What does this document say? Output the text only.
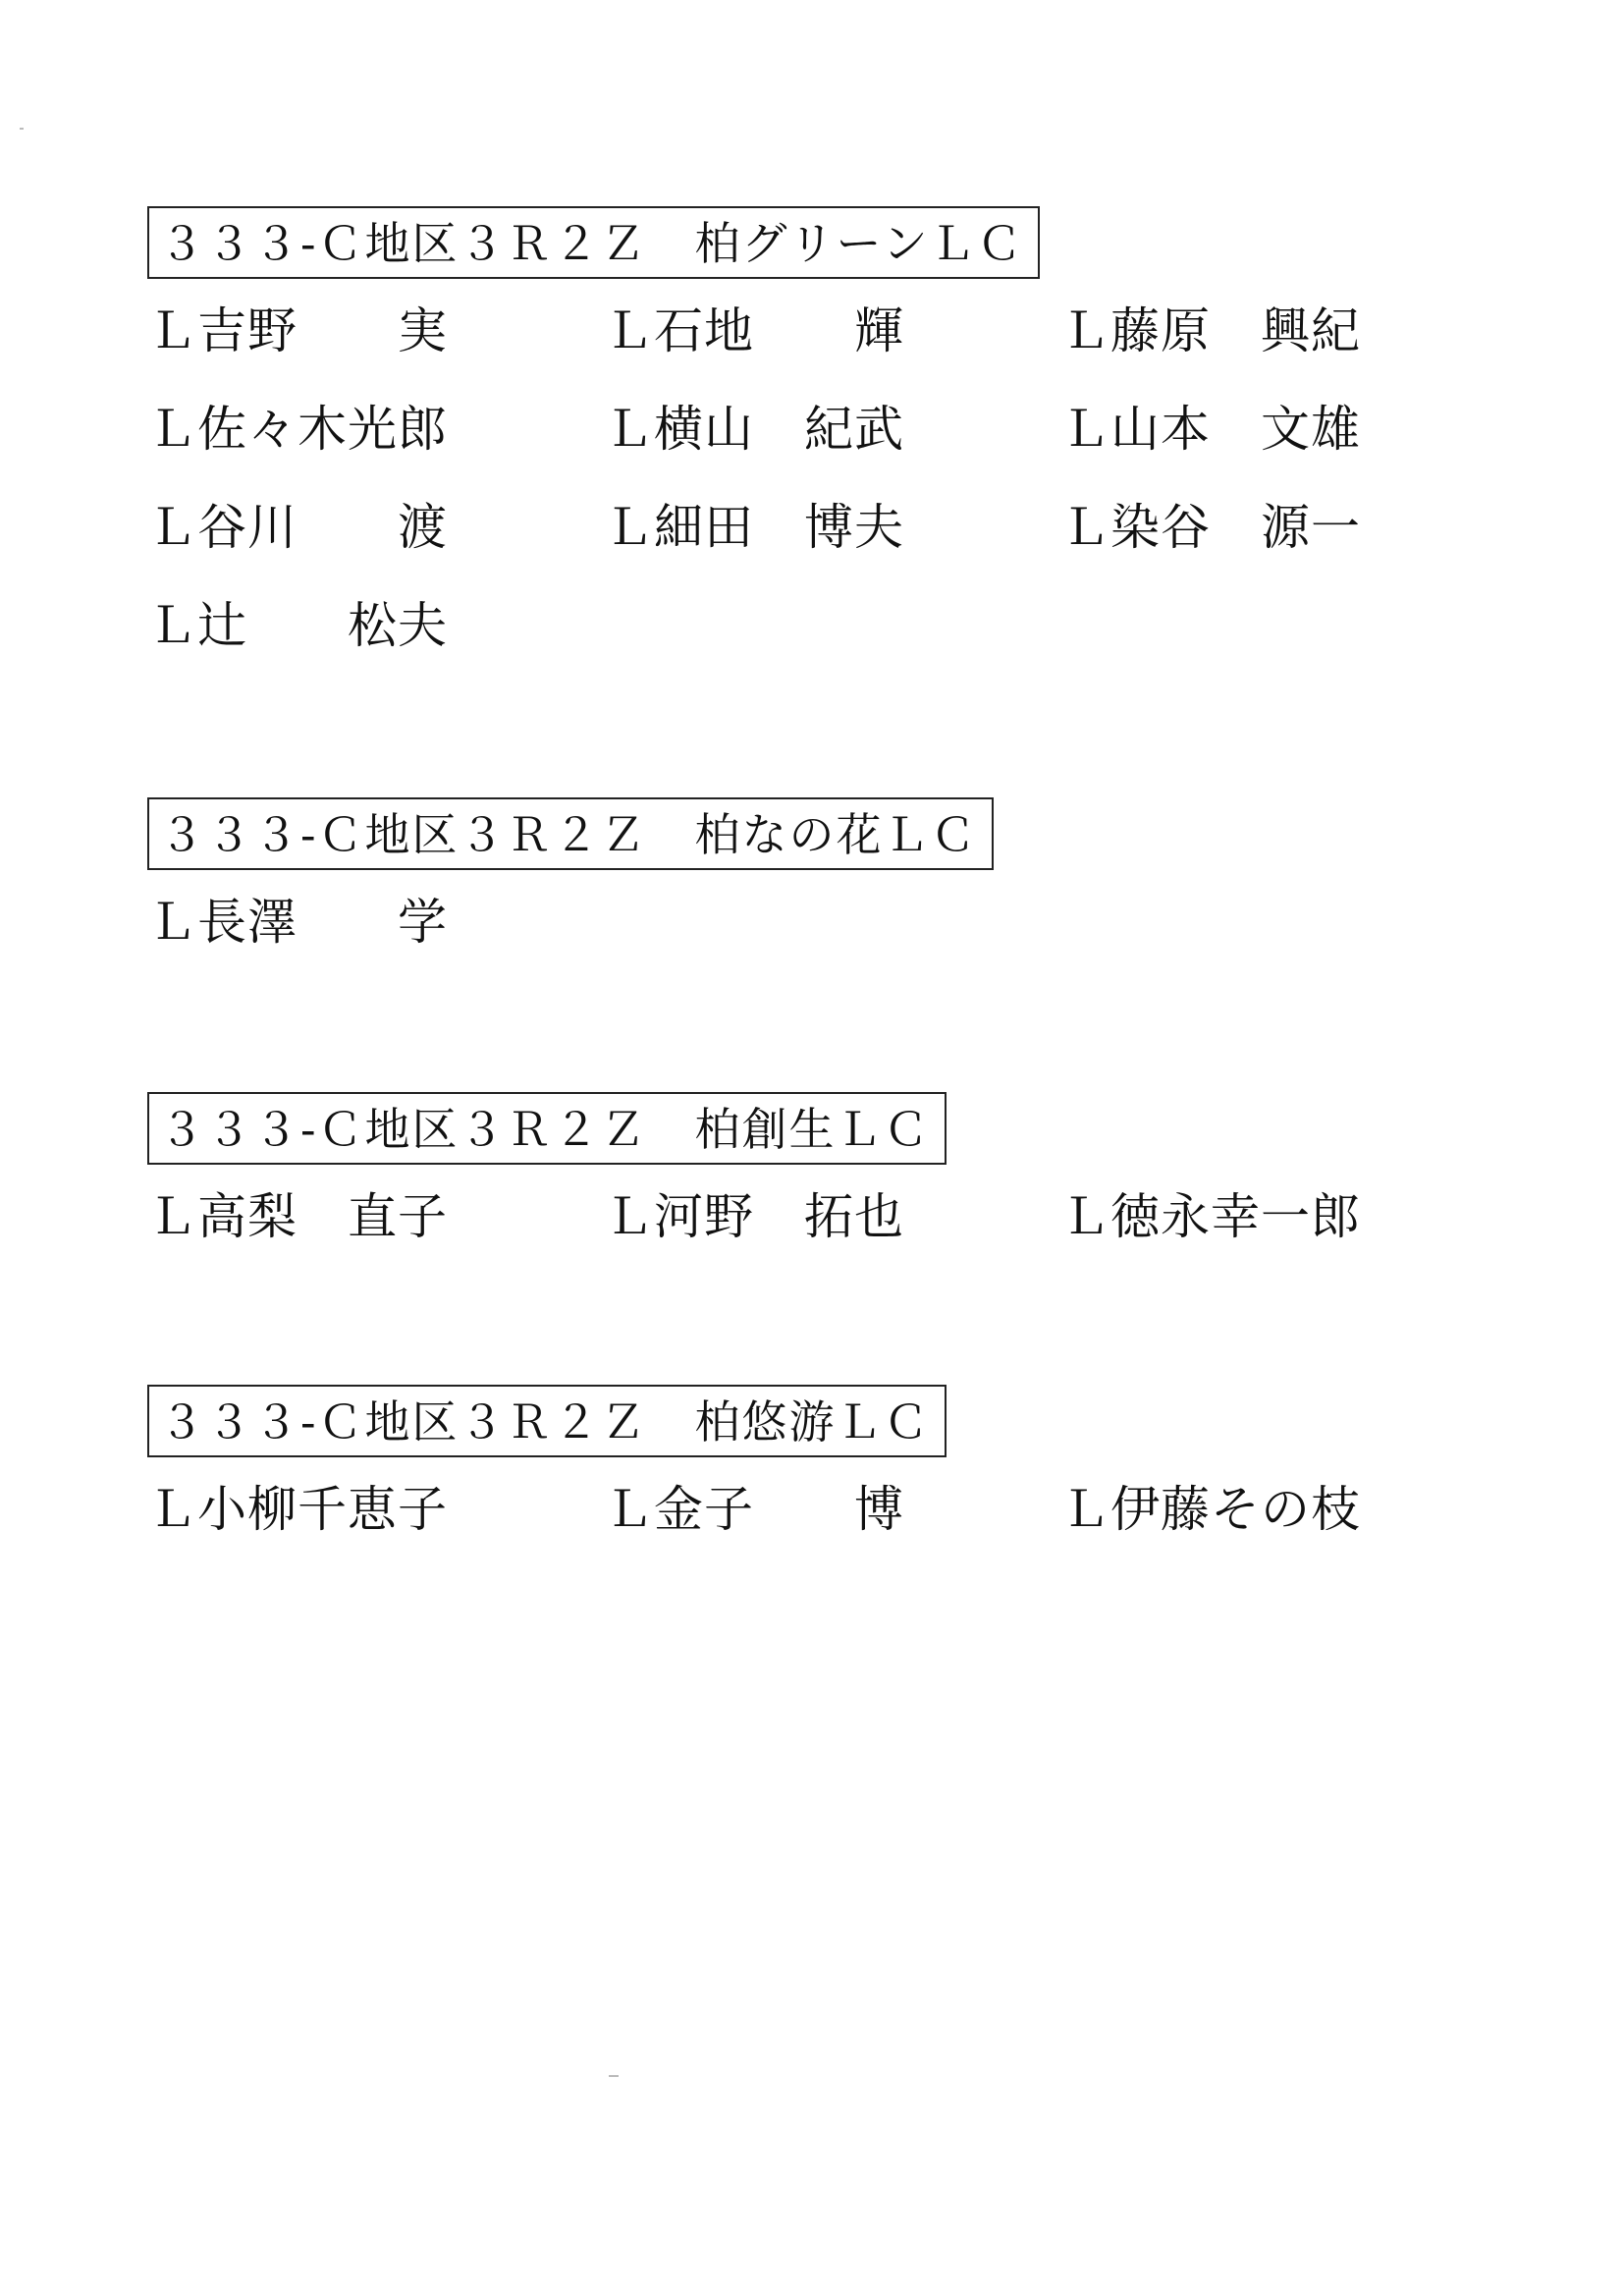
３３３-Ｃ地区３Ｒ２Ｚ　柏グリーンＬＣ
Ｌ吉野　　実	Ｌ石地　　輝	Ｌ藤原　興紀
Ｌ佐々木光郎	Ｌ横山　紀武	Ｌ山本　文雄
Ｌ谷川　　渡	Ｌ細田　博夫	Ｌ染谷　源一
Ｌ辻　　松夫
３３３-Ｃ地区３Ｒ２Ｚ　柏なの花ＬＣ
Ｌ長澤　　学
３３３-Ｃ地区３Ｒ２Ｚ　柏創生ＬＣ
Ｌ高梨　直子	Ｌ河野　拓也	Ｌ徳永幸一郎
３３３-Ｃ地区３Ｒ２Ｚ　柏悠游ＬＣ
Ｌ小柳千恵子	Ｌ金子　　博	Ｌ伊藤その枝
